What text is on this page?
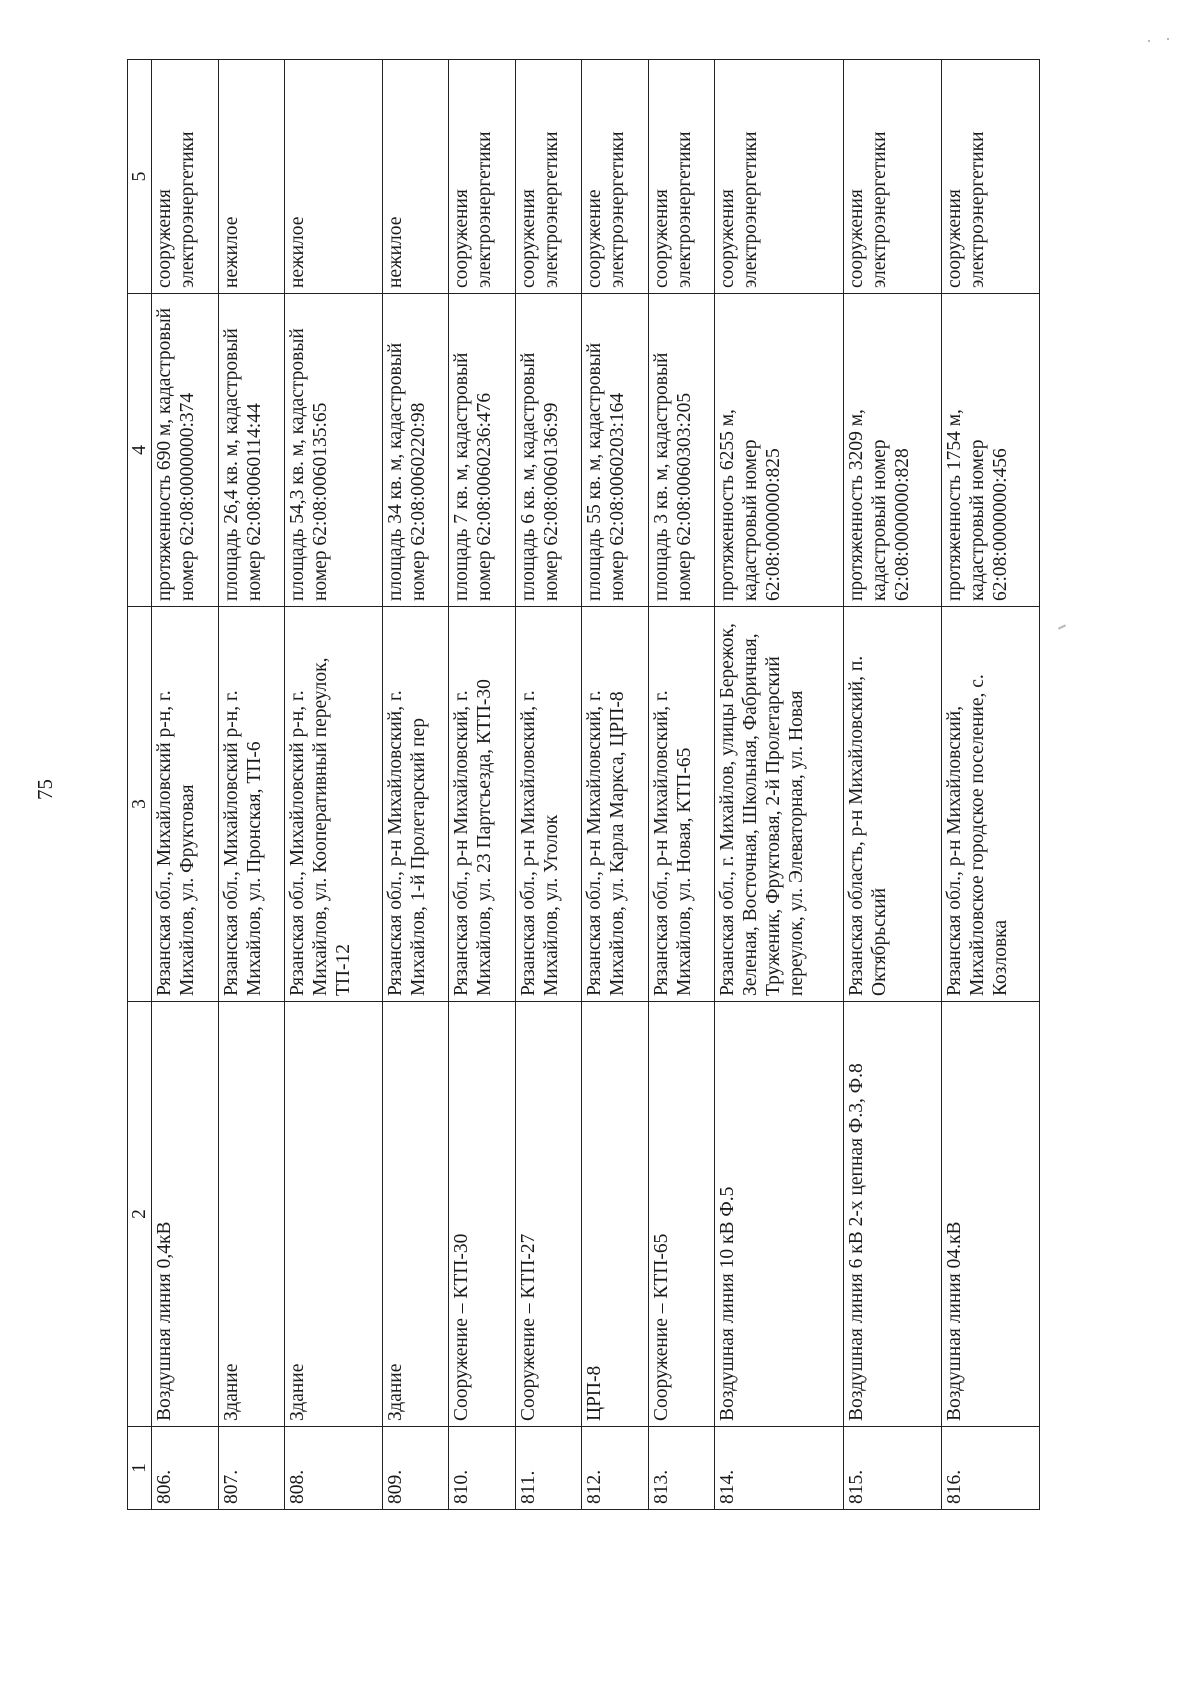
75
1	2	3	4	5
806.	Воздушная линия 0,4кВ	Рязанская обл., Михайловский р-н, г. Михайлов, ул. Фруктовая	протяженность 690 м, кадастровый номер 62:08:0000000:374	сооружения электроэнергетики
807.	Здание	Рязанская обл., Михайловский р-н, г. Михайлов, ул. Пронская, ТП-6	площадь 26,4 кв. м, кадастровый номер 62:08:0060114:44	нежилое
808.	Здание	Рязанская обл., Михайловский р-н, г. Михайлов, ул. Кооперативный переулок, ТП-12	площадь 54,3 кв. м, кадастровый номер 62:08:0060135:65	нежилое
809.	Здание	Рязанская обл., р-н Михайловский, г. Михайлов, 1-й Пролетарский пер	площадь 34 кв. м, кадастровый номер 62:08:0060220:98	нежилое
810.	Сооружение – КТП-30	Рязанская обл., р-н Михайловский, г. Михайлов, ул. 23 Партсъезда, КТП-30	площадь 7 кв. м, кадастровый номер 62:08:0060236:476	сооружения электроэнергетики
811.	Сооружение – КТП-27	Рязанская обл., р-н Михайловский, г. Михайлов, ул. Уголок	площадь 6 кв. м, кадастровый номер 62:08:0060136:99	сооружения электроэнергетики
812.	ЦРП-8	Рязанская обл., р-н Михайловский, г. Михайлов, ул. Карла Маркса, ЦРП-8	площадь 55 кв. м, кадастровый номер 62:08:0060203:164	сооружение электроэнергетики
813.	Сооружение – КТП-65	Рязанская обл., р-н Михайловский, г. Михайлов, ул. Новая, КТП-65	площадь 3 кв. м, кадастровый номер 62:08:0060303:205	сооружения электроэнергетики
814.	Воздушная линия 10 кВ Ф.5	Рязанская обл., г. Михайлов, улицы Бережок, Зеленая, Восточная, Школьная, Фабричная, Труженик, Фруктовая, 2-й Пролетарский переулок, ул. Элеваторная, ул. Новая	протяженность 6255 м, кадастровый номер 62:08:0000000:825	сооружения электроэнергетики
815.	Воздушная линия 6 кВ 2-х цепная Ф.3, Ф.8	Рязанская область, р-н Михайловский, п. Октябрьский	протяженность 3209 м, кадастровый номер 62:08:0000000:828	сооружения электроэнергетики
816.	Воздушная линия 04.кВ	Рязанская обл., р-н Михайловский, Михайловское городское поселение, с. Козловка	протяженность 1754 м, кадастровый номер 62:08:0000000:456	сооружения электроэнергетики
